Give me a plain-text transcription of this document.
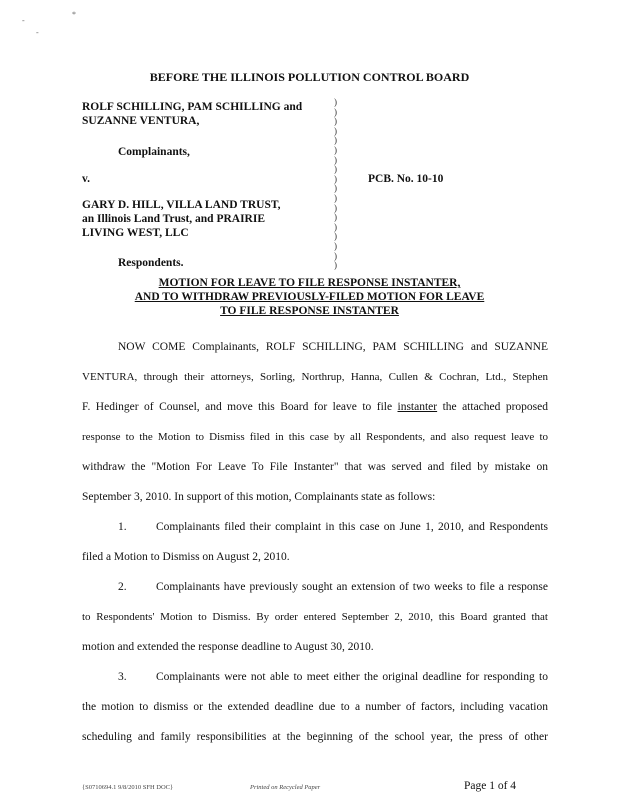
-
*
-
BEFORE THE ILLINOIS POLLUTION CONTROL BOARD
ROLF SCHILLING, PAM SCHILLING and
SUZANNE VENTURA,
Complainants,
v.
GARY D. HILL, VILLA LAND TRUST,
an Illinois Land Trust, and PRAIRIE
LIVING WEST, LLC
Respondents.
)
)
)
)
)
)
)
)
)
)
)
)
)
)
)
)
)
)
PCB. No. 10-10
MOTION FOR LEAVE TO FILE RESPONSE INSTANTER,
AND TO WITHDRAW PREVIOUSLY-FILED MOTION FOR LEAVE
TO FILE RESPONSE INSTANTER
NOW COME Complainants, ROLF SCHILLING, PAM SCHILLING and SUZANNE
VENTURA, through their attorneys, Sorling, Northrup, Hanna, Cullen & Cochran, Ltd., Stephen
F. Hedinger of Counsel, and move this Board for leave to file instanter the attached proposed
response to the Motion to Dismiss filed in this case by all Respondents, and also request leave to
withdraw the "Motion For Leave To File Instanter" that was served and filed by mistake on
September 3, 2010. In support of this motion, Complainants state as follows:
1.	Complainants filed their complaint in this case on June 1, 2010, and Respondents
filed a Motion to Dismiss on August 2, 2010.
2.	Complainants have previously sought an extension of two weeks to file a response
to Respondents' Motion to Dismiss. By order entered September 2, 2010, this Board granted that
motion and extended the response deadline to August 30, 2010.
3.	Complainants were not able to meet either the original deadline for responding to
the motion to dismiss or the extended deadline due to a number of factors, including vacation
scheduling and family responsibilities at the beginning of the school year, the press of other
{S0710694.1 9/8/2010 SFH DOC}	Printed on Recycled Paper	Page 1 of 4
